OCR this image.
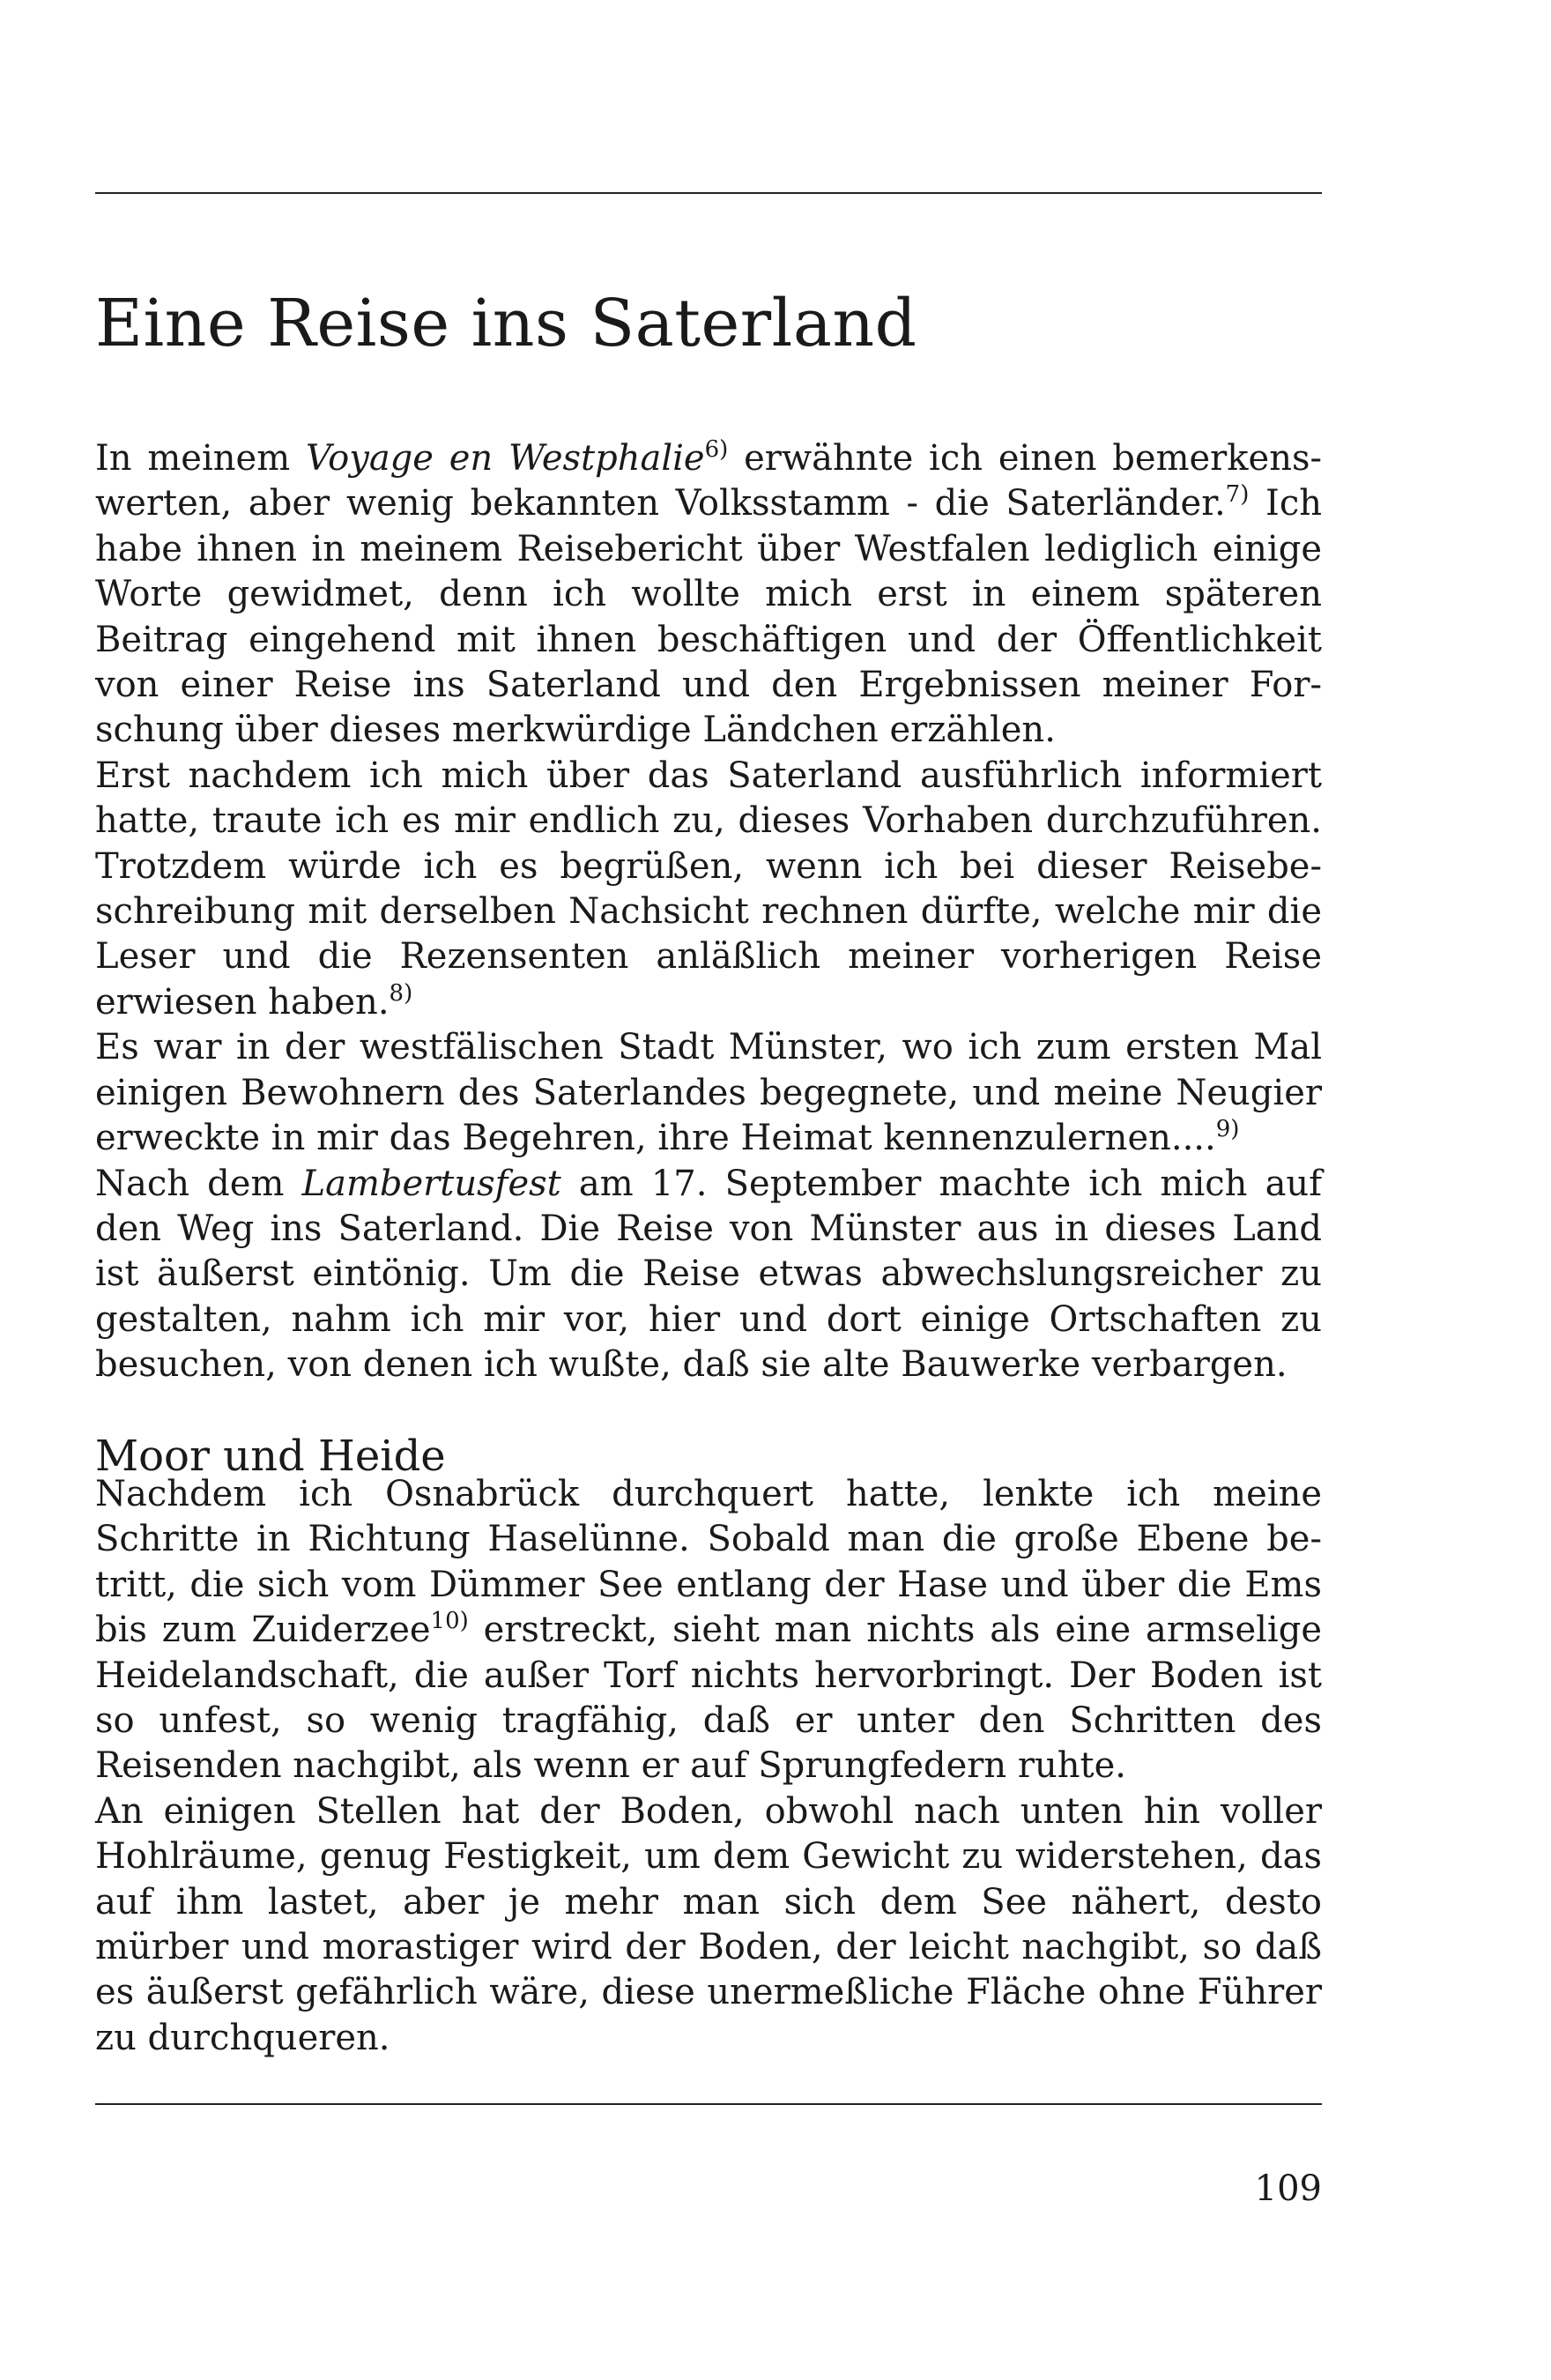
Eine Reise ins Saterland

In meinem Voyage en Westphalie$^{6)}$ erwähnte ich einen bemerkenswerten, aber wenig bekannten Volksstamm - die Saterländer.$^{7)}$ Ich habe ihnen in meinem Reisebericht über Westfalen lediglich einige Worte gewidmet, denn ich wollte mich erst in einem späteren Beitrag eingehend mit ihnen beschäftigen und der Öffentlichkeit von einer Reise ins Saterland und den Ergebnissen meiner Forschung über dieses merkwürdige Ländchen erzählen.

Erst nachdem ich mich über das Saterland ausführlich informiert hatte, traute ich es mir endlich zu, dieses Vorhaben durchzuführen. Trotzdem würde ich es begrüßen, wenn ich bei dieser Reisebeschreibung mit derselben Nachsicht rechnen dürfte, welche mir die Leser und die Rezensenten anläßlich meiner vorherigen Reise erwiesen haben.$^{8)}$

Es war in der westfälischen Stadt Münster, wo ich zum ersten Mal einigen Bewohnern des Saterlandes begegnete, und meine Neugier erweckte in mir das Begehren, ihre Heimat kennenzulernen....$^{9)}$

Nach dem Lambertusfest am 17. September machte ich mich auf den Weg ins Saterland. Die Reise von Münster aus in dieses Land ist äußerst eintönig. Um die Reise etwas abwechslungsreicher zu gestalten, nahm ich mir vor, hier und dort einige Ortschaften zu besuchen, von denen ich wußte, daß sie alte Bauwerke verbargen.

Moor und Heide

Nachdem ich Osnabrück durchquert hatte, lenkte ich meine Schritte in Richtung Haselünne. Sobald man die große Ebene betritt, die sich vom Dümmer See entlang der Hase und über die Ems bis zum Zuiderzee$^{10)}$ erstreckt, sieht man nichts als eine armselige Heidelandschaft, die außer Torf nichts hervorbringt. Der Boden ist so unfest, so wenig tragfähig, daß er unter den Schritten des Reisenden nachgibt, als wenn er auf Sprungfedern ruhte.

An einigen Stellen hat der Boden, obwohl nach unten hin voller Hohlräume, genug Festigkeit, um dem Gewicht zu widerstehen, das auf ihm lastet, aber je mehr man sich dem See nähert, desto mürber und morastiger wird der Boden, der leicht nachgibt, so daß es äußerst gefährlich wäre, diese unermeßliche Fläche ohne Führer zu durchqueren.

109
